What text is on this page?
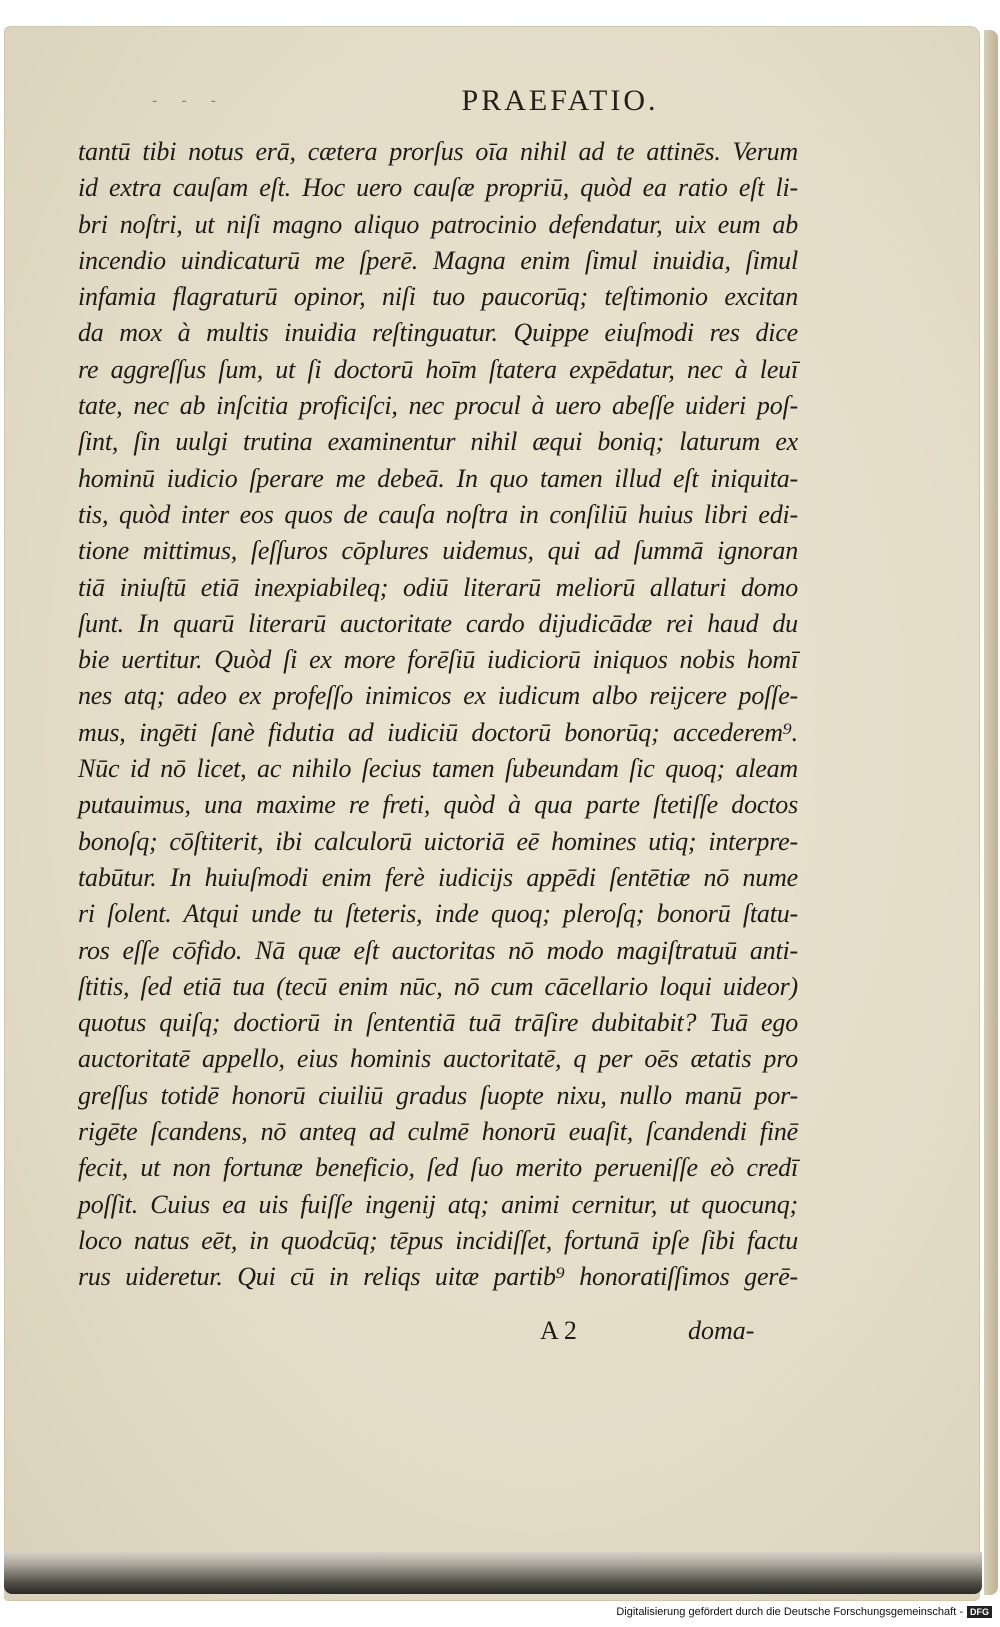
- - -	PRAEFATIO.
tantū tibi notus erā, cætera prorſus oīa nihil ad te attinēs. Verum
id extra cauſam eſt. Hoc uero cauſæ propriū, quòd ea ratio eſt li-
bri noſtri, ut niſi magno aliquo patrocinio defendatur, uix eum ab
incendio uindicaturū me ſperē. Magna enim ſimul inuidia, ſimul
infamia flagraturū opinor, niſi tuo paucorūq; teſtimonio excitan
da mox à multis inuidia reſtinguatur. Quippe eiuſmodi res dice
re aggreſſus ſum, ut ſi doctorū hoīm ſtatera expēdatur, nec à leuī
tate, nec ab inſcitia proficiſci, nec procul à uero abeſſe uideri poſ-
ſint, ſin uulgi trutina examinentur nihil æqui boniq; laturum ex
hominū iudicio ſperare me debeā. In quo tamen illud eſt iniquita-
tis, quòd inter eos quos de cauſa noſtra in conſiliū huius libri edi-
tione mittimus, ſeſſuros cōplures uidemus, qui ad ſummā ignoran
tiā iniuſtū etiā inexpiabileq; odiū literarū meliorū allaturi domo
ſunt. In quarū literarū auctoritate cardo dijudicādæ rei haud du
bie uertitur. Quòd ſi ex more forēſiū iudiciorū iniquos nobis homī
nes atq; adeo ex profeſſo inimicos ex iudicum albo reijcere poſſe-
mus, ingēti ſanè fidutia ad iudiciū doctorū bonorūq; accederem⁹.
Nūc id nō licet, ac nihilo ſecius tamen ſubeundam ſic quoq; aleam
putauimus, una maxime re freti, quòd à qua parte ſtetiſſe doctos
bonoſq; cōſtiterit, ibi calculorū uictoriā eē homines utiq; interpre-
tabūtur. In huiuſmodi enim ferè iudicijs appēdi ſentētiæ nō nume
ri ſolent. Atqui unde tu ſteteris, inde quoq; pleroſq; bonorū ſtatu-
ros eſſe cōfido. Nā quæ eſt auctoritas nō modo magiſtratuū anti-
ſtitis, ſed etiā tua (tecū enim nūc, nō cum cācellario loqui uideor)
quotus quiſq; doctiorū in ſententiā tuā trāſire dubitabit? Tuā ego
auctoritatē appello, eius hominis auctoritatē, q per oēs ætatis pro
greſſus totidē honorū ciuiliū gradus ſuopte nixu, nullo manū por-
rigēte ſcandens, nō anteq ad culmē honorū euaſit, ſcandendi finē
fecit, ut non fortunæ beneficio, ſed ſuo merito perueniſſe eò credī
poſſit. Cuius ea uis fuiſſe ingenij atq; animi cernitur, ut quocunq;
loco natus eēt, in quodcūq; tēpus incidiſſet, fortunā ipſe ſibi factu
rus uideretur. Qui cū in reliqs uitæ partib⁹ honoratiſſimos gerē-
A 2	doma-
Digitalisierung gefördert durch die Deutsche Forschungsgemeinschaft - DFG
